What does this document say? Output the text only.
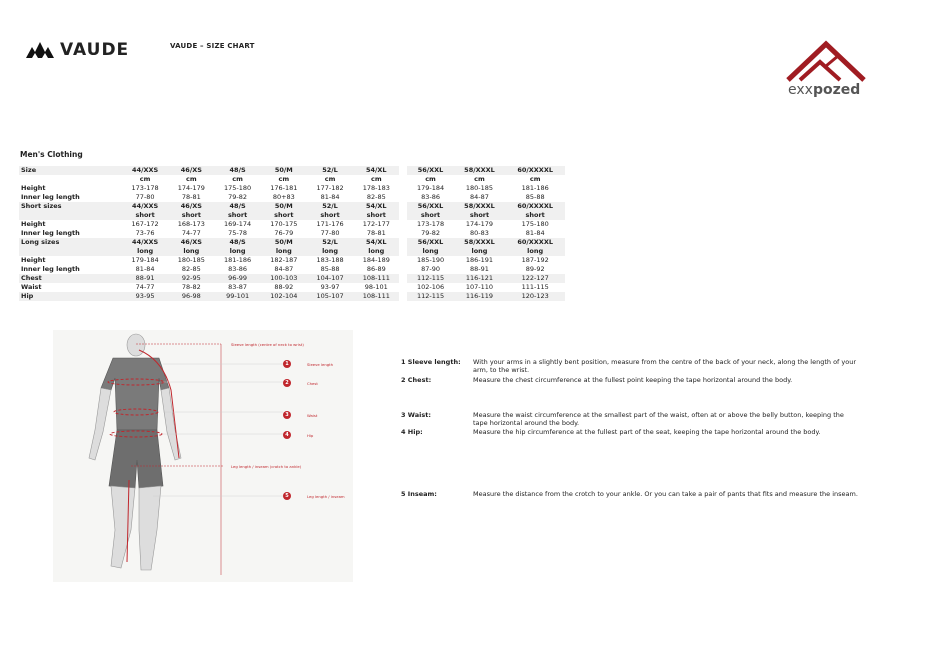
VAUDE	VAUDE – SIZE CHART
exxpozed
Men's Clothing
Size	44/XXS	46/XS	48/S	50/M	52/L	54/XL		56/XXL	58/XXXL	60/XXXXL
	cm	cm	cm	cm	cm	cm		cm	cm	cm
Height	173-178	174-179	175-180	176-181	177-182	178-183		179-184	180-185	181-186
Inner leg length	77-80	78-81	79-82	80+83	81-84	82-85		83-86	84-87	85-88
Short sizes	44/XXS	46/XS	48/S	50/M	52/L	54/XL		56/XXL	58/XXXL	60/XXXXL
	short	short	short	short	short	short		short	short	short
Height	167-172	168-173	169-174	170-175	171-176	172-177		173-178	174-179	175-180
Inner leg length	73-76	74-77	75-78	76-79	77-80	78-81		79-82	80-83	81-84
Long sizes	44/XXS	46/XS	48/S	50/M	52/L	54/XL		56/XXL	58/XXXL	60/XXXXL
	long	long	long	long	long	long		long	long	long
Height	179-184	180-185	181-186	182-187	183-188	184-189		185-190	186-191	187-192
Inner leg length	81-84	82-85	83-86	84-87	85-88	86-89		87-90	88-91	89-92
Chest	88-91	92-95	96-99	100-103	104-107	108-111		112-115	116-121	122-127
Waist	74-77	78-82	83-87	88-92	93-97	98-101		102-106	107-110	111-115
Hip	93-95	96-98	99-101	102-104	105-107	108-111		112-115	116-119	120-123
Sleeve length (centre of neck to wrist)
Leg length / inseam (crotch to ankle)
1	Sleeve length
2	Chest
3	Waist
4	Hip
5	Leg length / inseam
1 Sleeve length: With your arms in a slightly bent position, measure from the centre of the back of your neck, along the length of your arm, to the wrist.
2 Chest:	Measure the chest circumference at the fullest point keeping the tape horizontal around the body.
3 Waist:	Measure the waist circumference at the smallest part of the waist, often at or above the belly button, keeping the tape horizontal around the body.
4 Hip:	Measure the hip circumference at the fullest part of the seat, keeping the tape horizontal around the body.
5 Inseam:	Measure the distance from the crotch to your ankle. Or you can take a pair of pants that fits and measure the inseam.
